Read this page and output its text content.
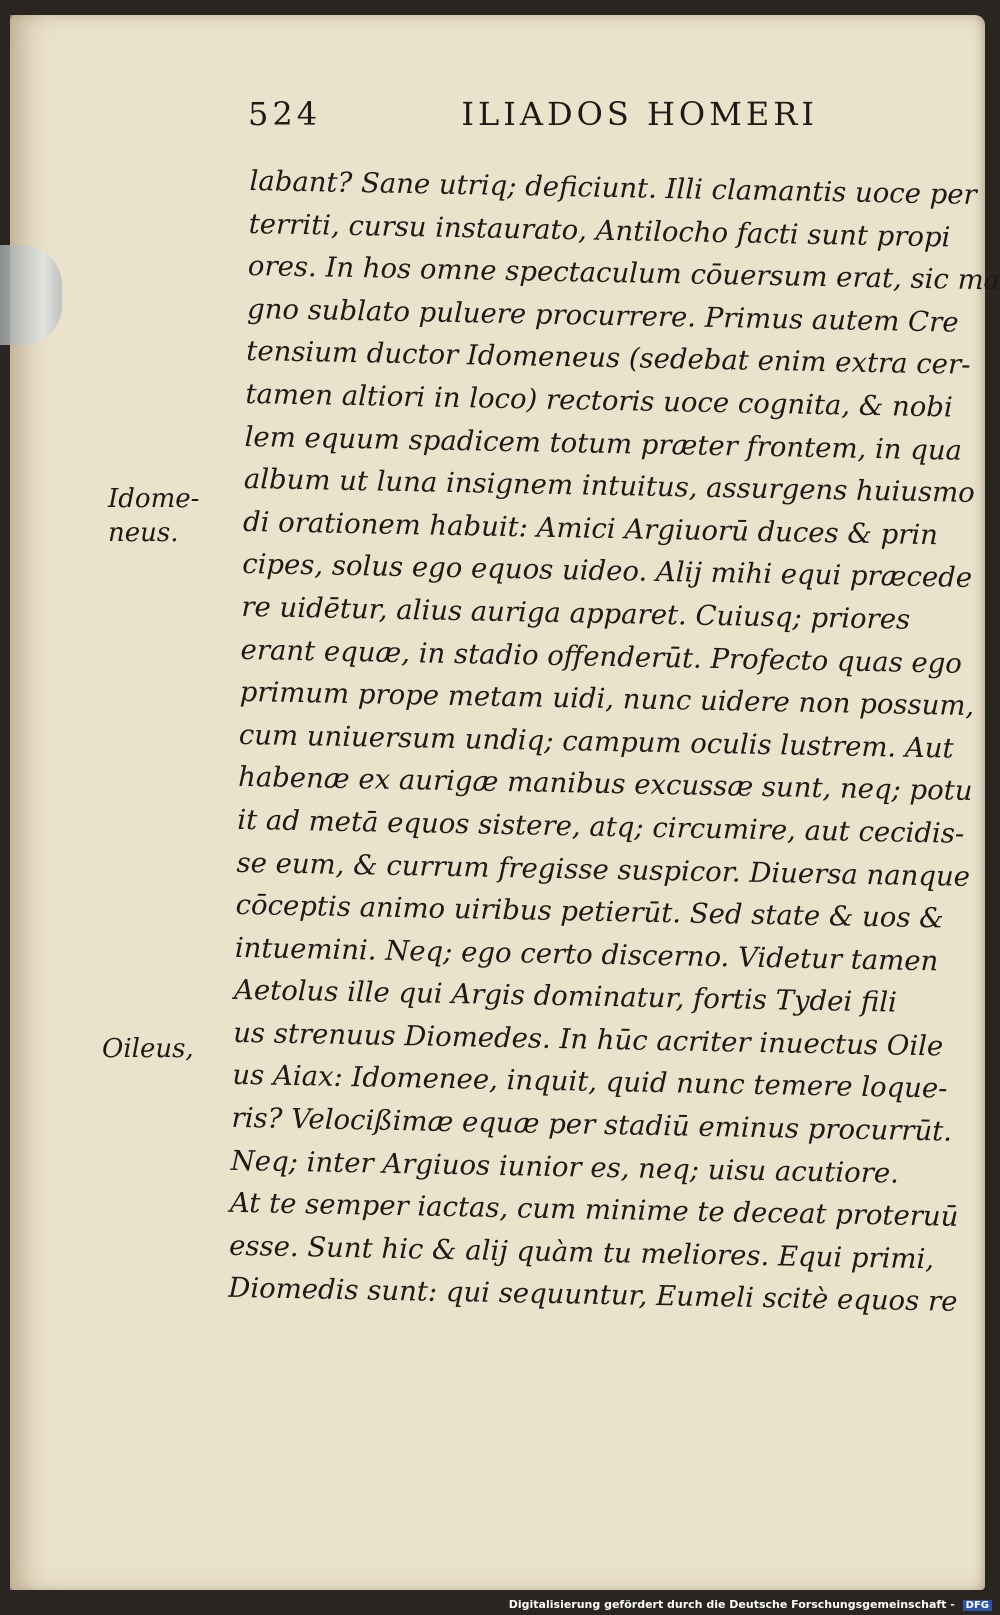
524	ILIADOS HOMERI
Idome-
neus.
Oileus,
labant? Sane utriq; deficiunt. Illi clamantis uoce per
territi, cursu instaurato, Antilocho facti sunt propi
ores. In hos omne spectaculum cōuersum erat, sic ma
gno sublato puluere procurrere. Primus autem Cre
tensium ductor Idomeneus (sedebat enim extra cer-
tamen altiori in loco) rectoris uoce cognita, & nobi
lem equum spadicem totum præter frontem, in qua
album ut luna insignem intuitus, assurgens huiusmo
di orationem habuit: Amici Argiuorū duces & prin
cipes, solus ego equos uideo. Alij mihi equi præcede
re uidētur, alius auriga apparet. Cuiusq; priores
erant equæ, in stadio offenderūt. Profecto quas ego
primum prope metam uidi, nunc uidere non possum,
cum uniuersum undiq; campum oculis lustrem. Aut
habenæ ex aurigæ manibus excussæ sunt, neq; potu
it ad metā equos sistere, atq; circumire, aut cecidis-
se eum, & currum fregisse suspicor. Diuersa nanque
cōceptis animo uiribus petierūt. Sed state & uos &
intuemini. Neq; ego certo discerno. Videtur tamen
Aetolus ille qui Argis dominatur, fortis Tydei fili
us strenuus Diomedes. In hūc acriter inuectus Oile
us Aiax: Idomenee, inquit, quid nunc temere loque-
ris? Velocißimæ equæ per stadiū eminus procurrūt.
Neq; inter Argiuos iunior es, neq; uisu acutiore.
At te semper iactas, cum minime te deceat proteruū
esse. Sunt hic & alij quàm tu meliores. Equi primi,
Diomedis sunt: qui sequuntur, Eumeli scitè equos re
Digitalisierung gefördert durch die Deutsche Forschungsgemeinschaft - DFG
